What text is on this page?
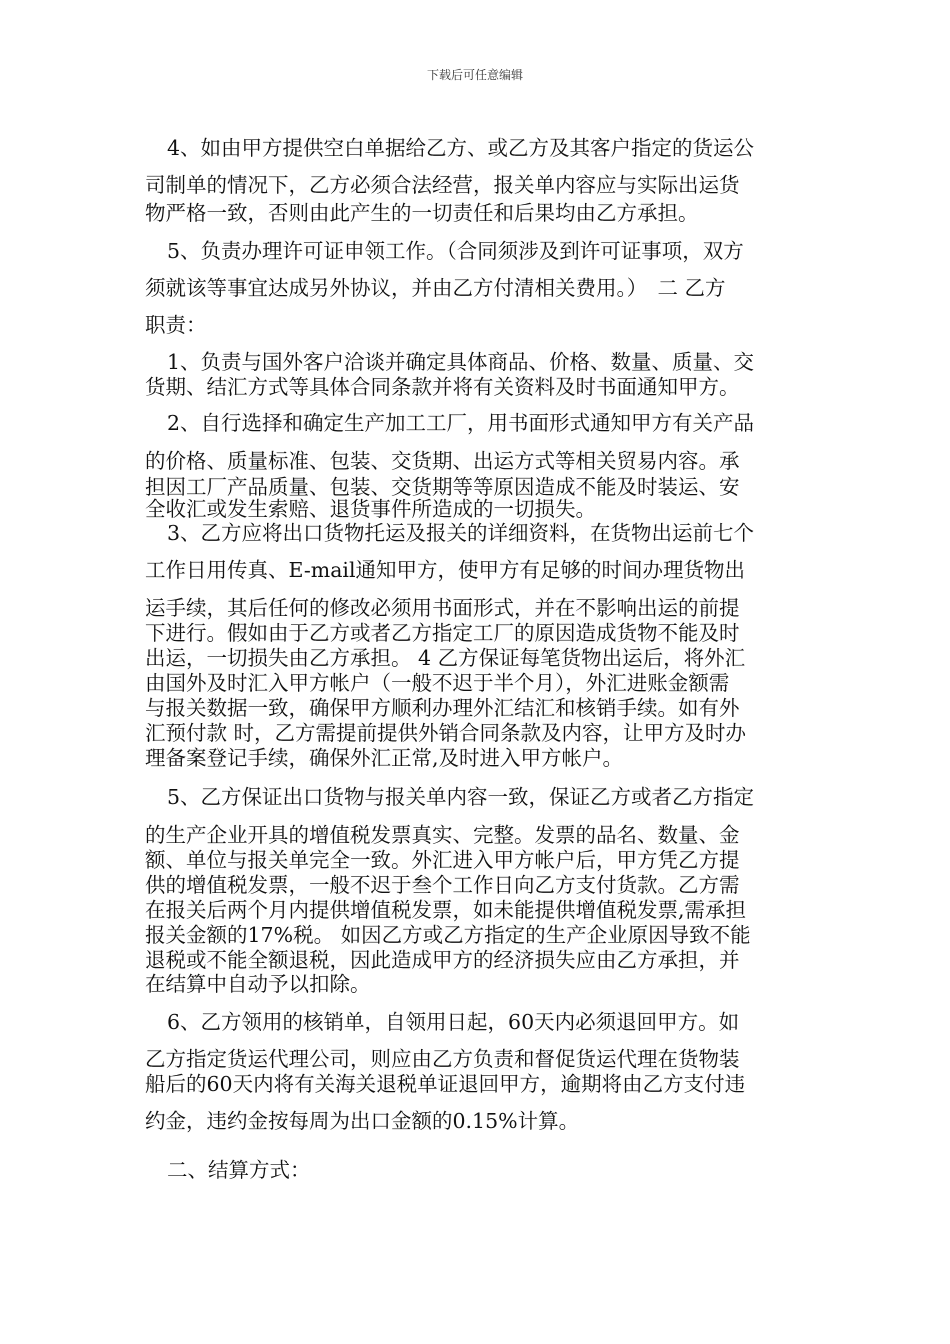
下载后可任意编辑
4、如由甲方提供空白单据给乙方、或乙方及其客户指定的货运公
司制单的情况下，乙方必须合法经营，报关单内容应与实际出运货
物严格一致，否则由此产生的一切责任和后果均由乙方承担。
5、负责办理许可证申领工作。（合同须涉及到许可证事项，双方
须就该等事宜达成另外协议，并由乙方付清相关费用。）　二 乙方
职责：
1、负责与国外客户洽谈并确定具体商品、价格、数量、质量、交
货期、结汇方式等具体合同条款并将有关资料及时书面通知甲方。
2、自行选择和确定生产加工工厂，用书面形式通知甲方有关产品
的价格、质量标准、包装、交货期、出运方式等相关贸易内容。承
担因工厂产品质量、包装、交货期等等原因造成不能及时装运、安
全收汇或发生索赔、退货事件所造成的一切损失。
3、乙方应将出口货物托运及报关的详细资料，在货物出运前七个
工作日用传真、E-mail通知甲方，使甲方有足够的时间办理货物出
运手续，其后任何的修改必须用书面形式，并在不影响出运的前提
下进行。假如由于乙方或者乙方指定工厂的原因造成货物不能及时
出运，一切损失由乙方承担。 4 乙方保证每笔货物出运后，将外汇
由国外及时汇入甲方帐户（一般不迟于半个月），外汇进账金额需
与报关数据一致，确保甲方顺利办理外汇结汇和核销手续。如有外
汇预付款 时，乙方需提前提供外销合同条款及内容，让甲方及时办
理备案登记手续，确保外汇正常,及时进入甲方帐户。
5、乙方保证出口货物与报关单内容一致，保证乙方或者乙方指定
的生产企业开具的增值税发票真实、完整。发票的品名、数量、金
额、单位与报关单完全一致。外汇进入甲方帐户后，甲方凭乙方提
供的增值税发票，一般不迟于叁个工作日向乙方支付货款。乙方需
在报关后两个月内提供增值税发票，如未能提供增值税发票,需承担
报关金额的17%税。 如因乙方或乙方指定的生产企业原因导致不能
退税或不能全额退税，因此造成甲方的经济损失应由乙方承担，并
在结算中自动予以扣除。
6、乙方领用的核销单，自领用日起，60天内必须退回甲方。如
乙方指定货运代理公司，则应由乙方负责和督促货运代理在货物装
船后的60天内将有关海关退税单证退回甲方，逾期将由乙方支付违
约金，违约金按每周为出口金额的0.15%计算。
二、结算方式：
